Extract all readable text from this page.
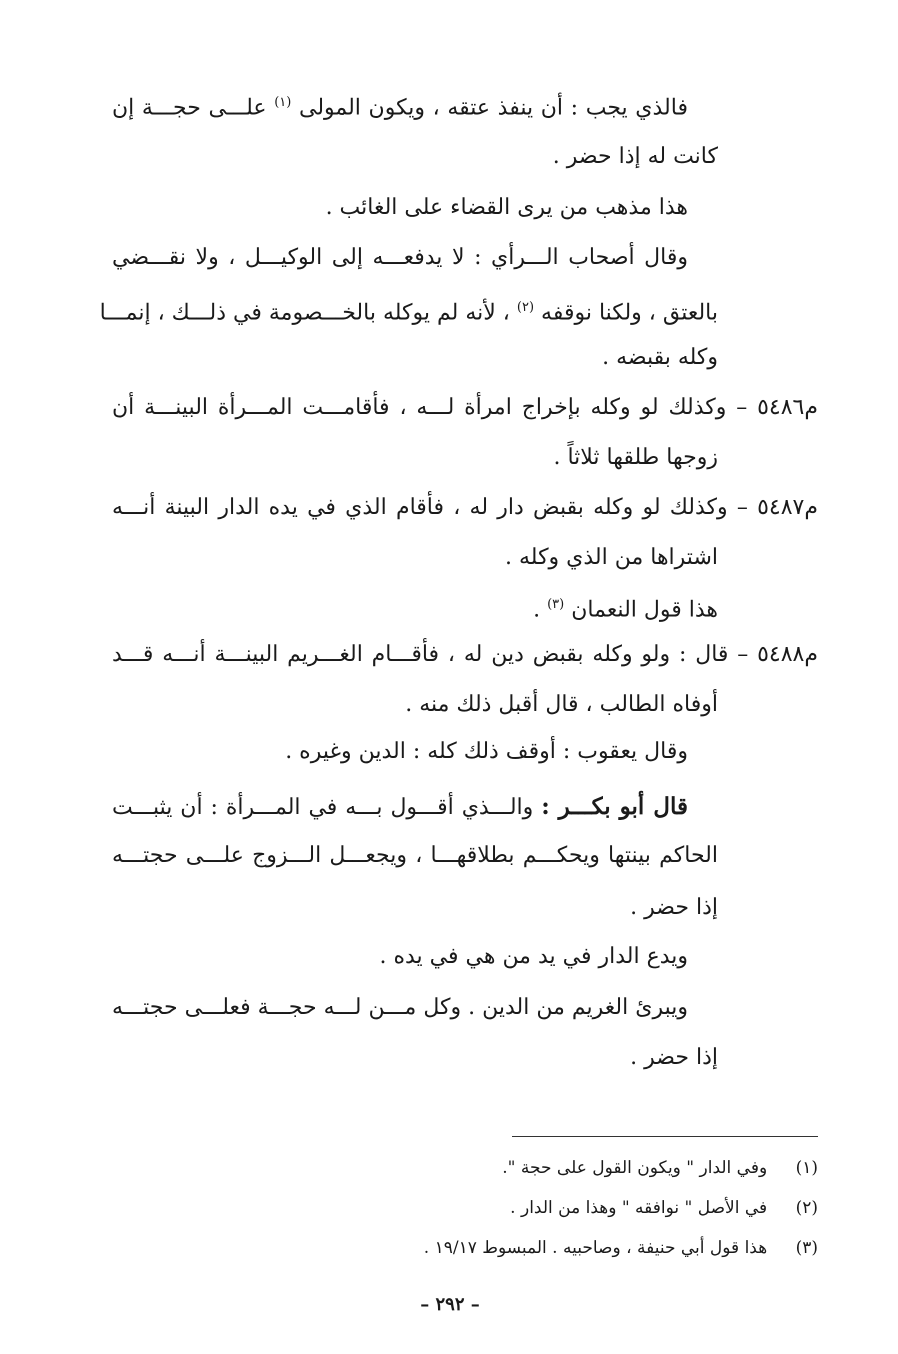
فالذي يجب : أن ينفذ عتقه ، ويكون المولى $^{(١)}$ علـــى حجـــة إن
كانت له إذا حضر .
هذا مذهب من يرى القضاء على الغائب .
وقال أصحاب الـــرأي : لا يدفعـــه إلى الوكيـــل ، ولا نقـــضي
بالعتق ، ولكنا نوقفه $^{(٢)}$ ، لأنه لم يوكله بالخـــصومة في ذلـــك ، إنمـــا
وكله بقبضه .
م٥٤٨٦ – وكذلك لو وكله بإخراج امرأة لـــه ، فأقامـــت المـــرأة البينـــة أن
زوجها طلقها ثلاثاً .
م٥٤٨٧ – وكذلك لو وكله بقبض دار له ، فأقام الذي في يده الدار البينة أنـــه
اشتراها من الذي وكله .
هذا قول النعمان $^{(٣)}$ .
م٥٤٨٨ – قال : ولو وكله بقبض دين له ، فأقـــام الغـــريم البينـــة أنـــه قـــد
أوفاه الطالب ، قال أقبل ذلك منه .
وقال يعقوب : أوقف ذلك كله : الدين وغيره .
قال أبو بكـــر : والـــذي أقـــول بـــه في المـــرأة : أن يثبـــت
الحاكم بينتها ويحكـــم بطلاقهـــا ، ويجعـــل الـــزوج علـــى حجتـــه
إذا حضر .
ويدع الدار في يد من هي في يده .
ويبرئ الغريم من الدين . وكل مـــن لـــه حجـــة فعلـــى حجتـــه
إذا حضر .
(١)  وفي الدار " ويكون القول على حجة ".
(٢)  في الأصل " نوافقه " وهذا من الدار .
(٣)  هذا قول أبي حنيفة ، وصاحبيه . المبسوط ١٩/١٧ .
– ٢٩٢ –
